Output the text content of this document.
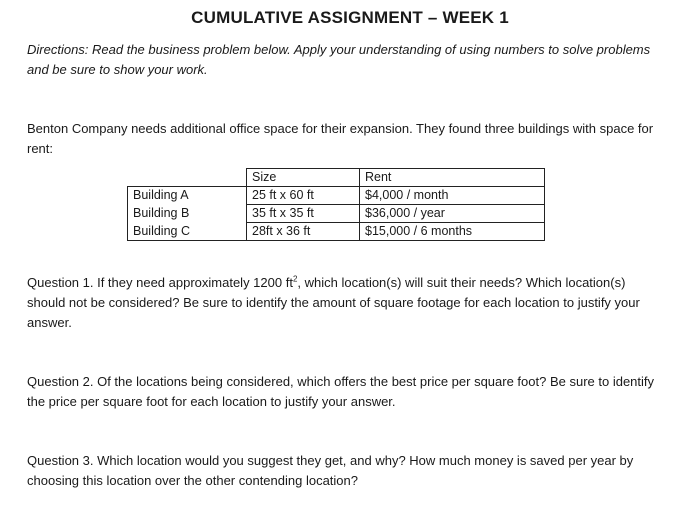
CUMULATIVE ASSIGNMENT – WEEK 1
Directions: Read the business problem below. Apply your understanding of using numbers to solve problems and be sure to show your work.
Benton Company needs additional office space for their expansion. They found three buildings with space for rent:
	Size	Rent
Building A	25 ft x 60 ft	$4,000 / month
Building B	35 ft x 35 ft	$36,000 / year
Building C	28ft x 36 ft	$15,000 / 6 months
Question 1. If they need approximately 1200 $ft^2$, which location(s) will suit their needs? Which location(s) should not be considered? Be sure to identify the amount of square footage for each location to justify your answer.
Question 2. Of the locations being considered, which offers the best price per square foot? Be sure to identify the price per square foot for each location to justify your answer.
Question 3. Which location would you suggest they get, and why? How much money is saved per year by choosing this location over the other contending location?
